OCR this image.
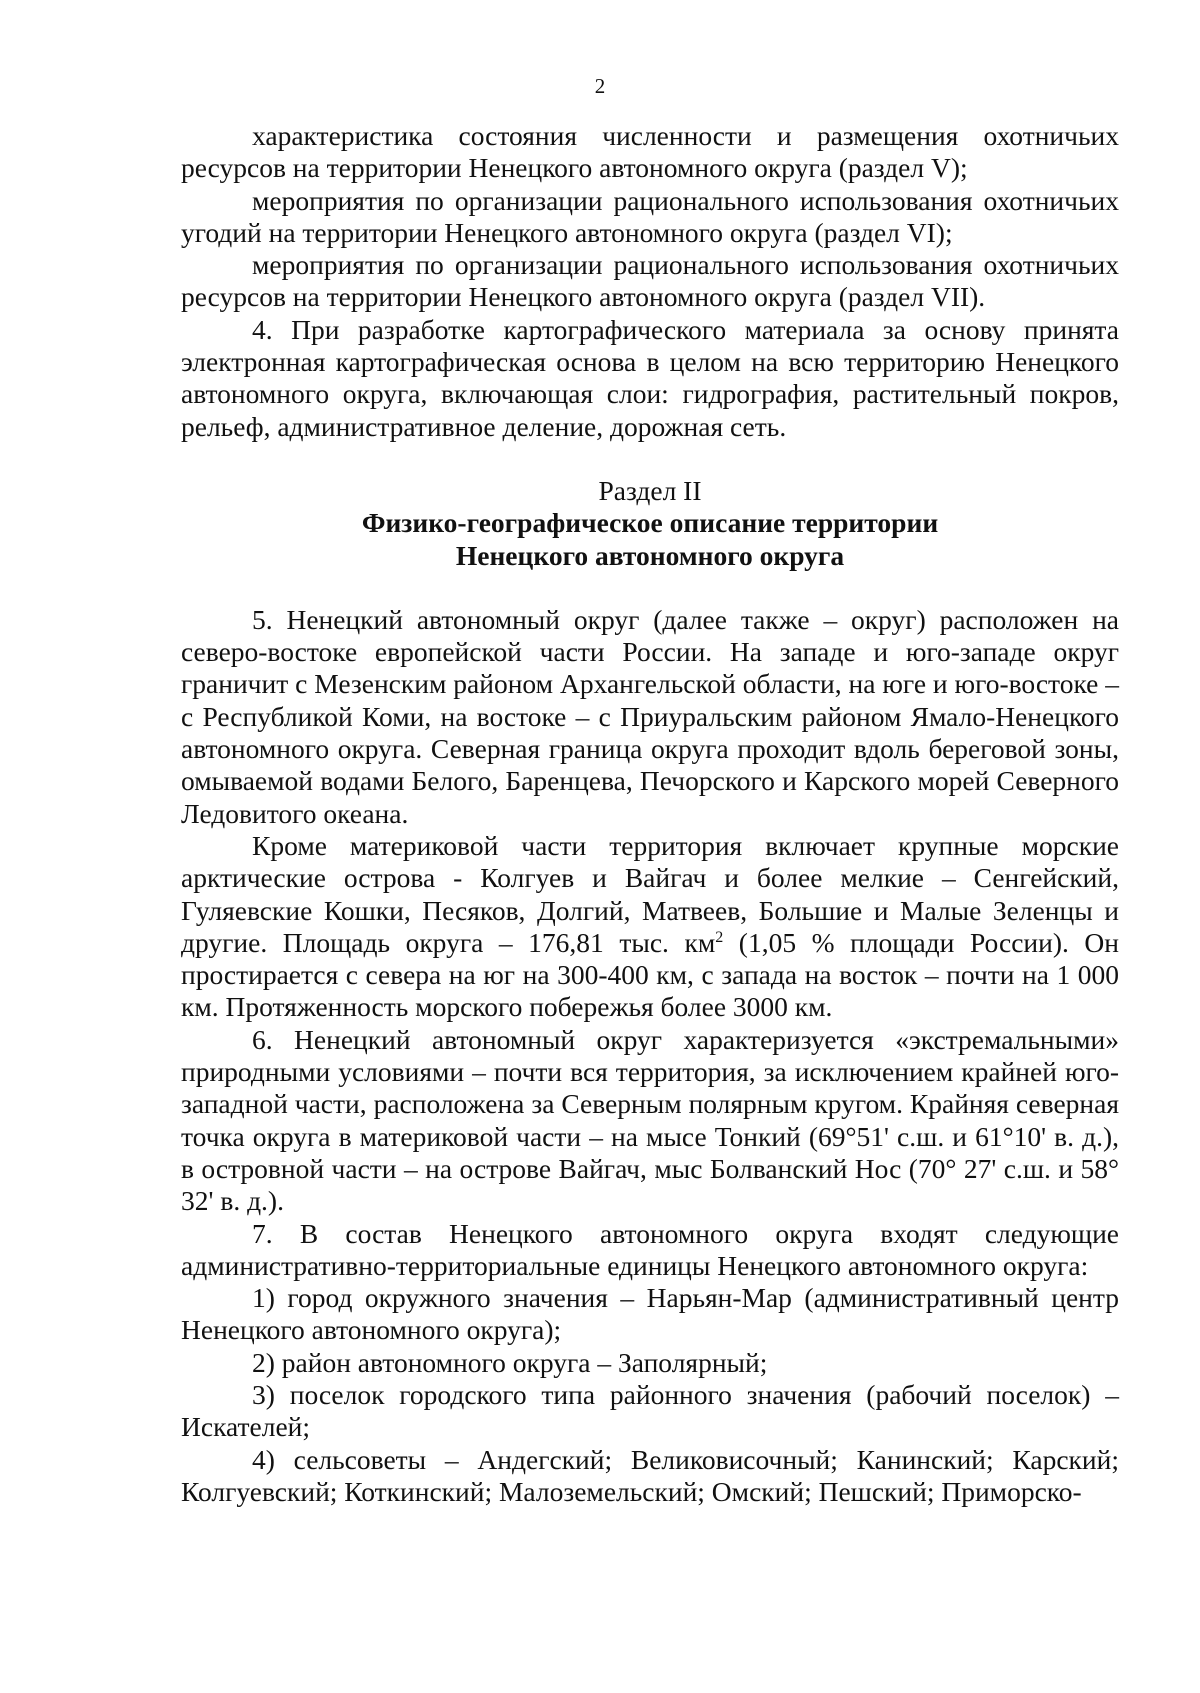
2

характеристика состояния численности и размещения охотничьих ресурсов на территории Ненецкого автономного округа (раздел V);

мероприятия по организации рационального использования охотничьих угодий на территории Ненецкого автономного округа (раздел VI);

мероприятия по организации рационального использования охотничьих ресурсов на территории Ненецкого автономного округа (раздел VII).

4. При разработке картографического материала за основу принята электронная картографическая основа в целом на всю территорию Ненецкого автономного округа, включающая слои: гидрография, растительный покров, рельеф, административное деление, дорожная сеть.

Раздел II
Физико-географическое описание территории
Ненецкого автономного округа

5. Ненецкий автономный округ (далее также – округ) расположен на северо-востоке европейской части России. На западе и юго-западе округ граничит с Мезенским районом Архангельской области, на юге и юго-востоке – с Республикой Коми, на востоке – с Приуральским районом Ямало-Ненецкого автономного округа. Северная граница округа проходит вдоль береговой зоны, омываемой водами Белого, Баренцева, Печорского и Карского морей Северного Ледовитого океана.

Кроме материковой части территория включает крупные морские арктические острова - Колгуев и Вайгач и более мелкие – Сенгейский, Гуляевские Кошки, Песяков, Долгий, Матвеев, Большие и Малые Зеленцы и другие. Площадь округа – 176,81 тыс. $км^2$ (1,05 % площади России). Он простирается с севера на юг на 300-400 км, с запада на восток – почти на 1 000 км. Протяженность морского побережья более 3000 км.

6. Ненецкий автономный округ характеризуется «экстремальными» природными условиями – почти вся территория, за исключением крайней юго-западной части, расположена за Северным полярным кругом. Крайняя северная точка округа в материковой части – на мысе Тонкий (69°51' с.ш. и 61°10' в. д.), в островной части – на острове Вайгач, мыс Болванский Нос (70° 27' с.ш. и 58° 32' в. д.).

7. В состав Ненецкого автономного округа входят следующие административно-территориальные единицы Ненецкого автономного округа:

1) город окружного значения – Нарьян-Мар (административный центр Ненецкого автономного округа);

2) район автономного округа – Заполярный;

3) поселок городского типа районного значения (рабочий поселок) – Искателей;

4) сельсоветы – Андегский; Великовисочный; Канинский; Карский; Колгуевский; Коткинский; Малоземельский; Омский; Пешский; Приморско-
